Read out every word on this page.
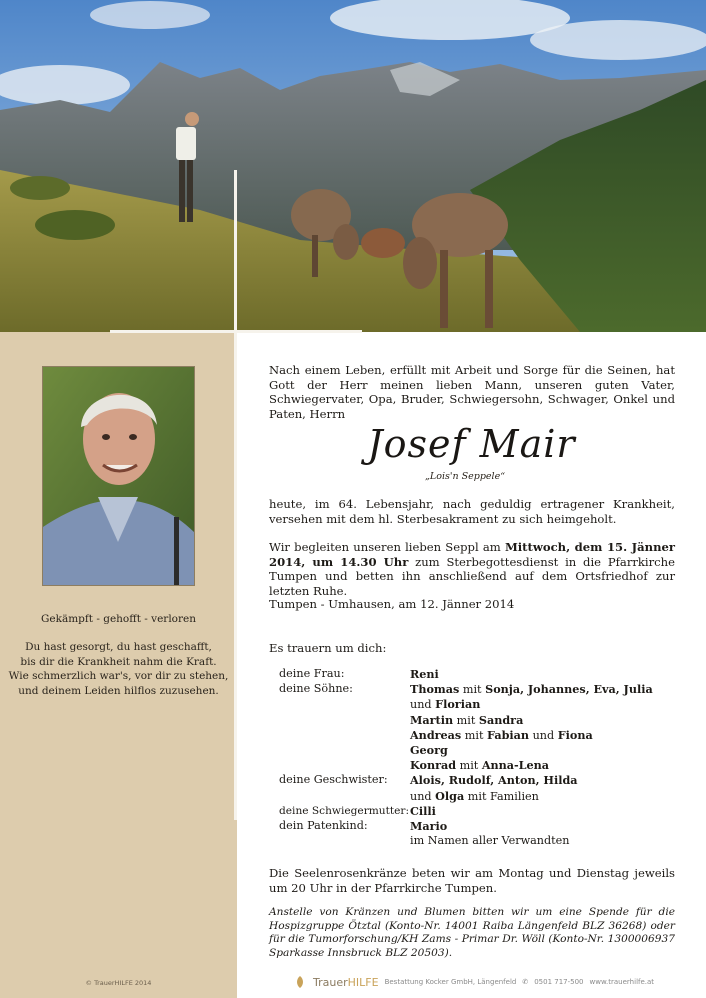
Gekämpft - gehofft - verloren
Du hast gesorgt, du hast geschafft,
bis dir die Krankheit nahm die Kraft.
Wie schmerzlich war's, vor dir zu stehen,
und deinem Leiden hilflos zuzusehen.
© TrauerHILFE 2014

Nach einem Leben, erfüllt mit Arbeit und Sorge für die Seinen, hat Gott der Herr meinen lieben Mann, unseren guten Vater, Schwiegervater, Opa, Bruder, Schwiegersohn, Schwager, Onkel und Paten, Herrn

Josef Mair
„Lois'n Seppele“

heute, im 64. Lebensjahr, nach geduldig ertragener Krankheit, versehen mit dem hl. Sterbesakrament zu sich heimgeholt.

Wir begleiten unseren lieben Seppl am Mittwoch, dem 15. Jänner 2014, um 14.30 Uhr zum Sterbegottesdienst in die Pfarrkirche Tumpen und betten ihn anschließend auf dem Ortsfriedhof zur letzten Ruhe.

Tumpen - Umhausen, am 12. Jänner 2014
Es trauern um dich:
deine Frau:	Reni
deine Söhne:	Thomas mit Sonja, Johannes, Eva, Julia
und Florian
Martin mit Sandra
Andreas mit Fabian und Fiona
Georg
Konrad mit Anna-Lena
deine Geschwister:	Alois, Rudolf, Anton, Hilda
und Olga mit Familien
deine Schwiegermutter: Cilli
dein Patenkind:	Mario
im Namen aller Verwandten

Die Seelenrosenkränze beten wir am Montag und Dienstag jeweils um 20 Uhr in der Pfarrkirche Tumpen.

Anstelle von Kränzen und Blumen bitten wir um eine Spende für die Hospizgruppe Ötztal (Konto-Nr. 14001 Raiba Längenfeld BLZ 36268) oder für die Tumorforschung/KH Zams - Primar Dr. Wöll (Konto-Nr. 1300006937 Sparkasse Innsbruck BLZ 20503).

TrauerHILFE Bestattung Kocker GmbH, Längenfeld ✆ 0501 717-500 www.trauerhilfe.at
